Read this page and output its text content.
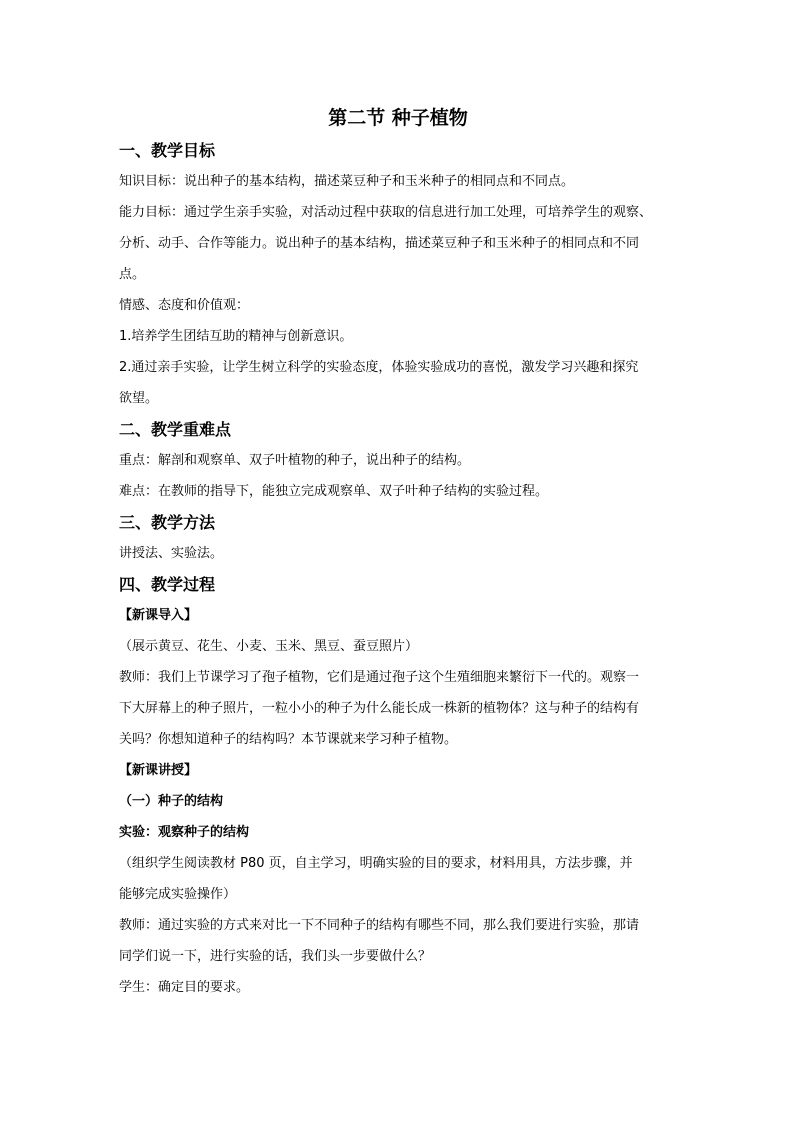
第二节 种子植物
一、教学目标
知识目标：说出种子的基本结构，描述菜豆种子和玉米种子的相同点和不同点。
能力目标：通过学生亲手实验，对活动过程中获取的信息进行加工处理，可培养学生的观察、
分析、动手、合作等能力。说出种子的基本结构，描述菜豆种子和玉米种子的相同点和不同
点。
情感、态度和价值观：
1.培养学生团结互助的精神与创新意识。
2.通过亲手实验，让学生树立科学的实验态度，体验实验成功的喜悦，激发学习兴趣和探究
欲望。
二、教学重难点
重点：解剖和观察单、双子叶植物的种子，说出种子的结构。
难点：在教师的指导下，能独立完成观察单、双子叶种子结构的实验过程。
三、教学方法
讲授法、实验法。
四、教学过程
【新课导入】
（展示黄豆、花生、小麦、玉米、黑豆、蚕豆照片）
教师：我们上节课学习了孢子植物，它们是通过孢子这个生殖细胞来繁衍下一代的。观察一
下大屏幕上的种子照片，一粒小小的种子为什么能长成一株新的植物体？这与种子的结构有
关吗？你想知道种子的结构吗？本节课就来学习种子植物。
【新课讲授】
（一）种子的结构
实验：观察种子的结构
（组织学生阅读教材 P80 页，自主学习，明确实验的目的要求，材料用具，方法步骤，并
能够完成实验操作）
教师：通过实验的方式来对比一下不同种子的结构有哪些不同，那么我们要进行实验，那请
同学们说一下，进行实验的话，我们头一步要做什么？
学生：确定目的要求。
